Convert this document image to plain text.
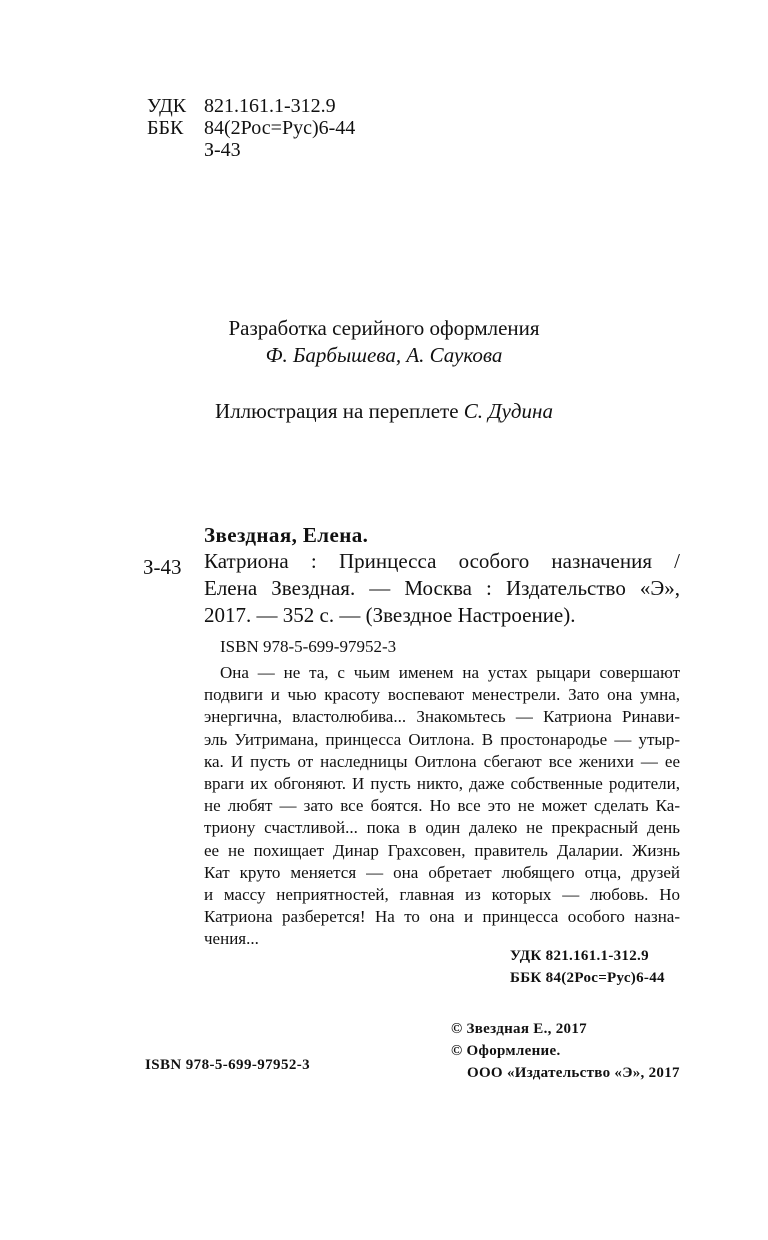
УДК 821.161.1-312.9
ББК 84(2Рос=Рус)6-44
З-43
Разработка серийного оформления
Ф. Барбышева, А. Саукова
Иллюстрация на переплете С. Дудина
Звездная, Елена.
З-43 Катриона : Принцесса особого назначения /
Елена Звездная. — Москва : Издательство «Э»,
2017. — 352 с. — (Звездное Настроение).
ISBN 978-5-699-97952-3
Она — не та, с чьим именем на устах рыцари совершают
подвиги и чью красоту воспевают менестрели. Зато она умна,
энергична, властолюбива... Знакомьтесь — Катриона Ринави-
эль Уитримана, принцесса Оитлона. В простонародье — утыр-
ка. И пусть от наследницы Оитлона сбегают все женихи — ее
враги их обгоняют. И пусть никто, даже собственные родители,
не любят — зато все боятся. Но все это не может сделать Ка-
триону счастливой... пока в один далеко не прекрасный день
ее не похищает Динар Грахсовен, правитель Даларии. Жизнь
Кат круто меняется — она обретает любящего отца, друзей
и массу неприятностей, главная из которых — любовь. Но
Катриона разберется! На то она и принцесса особого назна-
чения...
УДК 821.161.1-312.9
ББК 84(2Рос=Рус)6-44
© Звездная Е., 2017
© Оформление.
ООО «Издательство «Э», 2017
ISBN 978-5-699-97952-3
